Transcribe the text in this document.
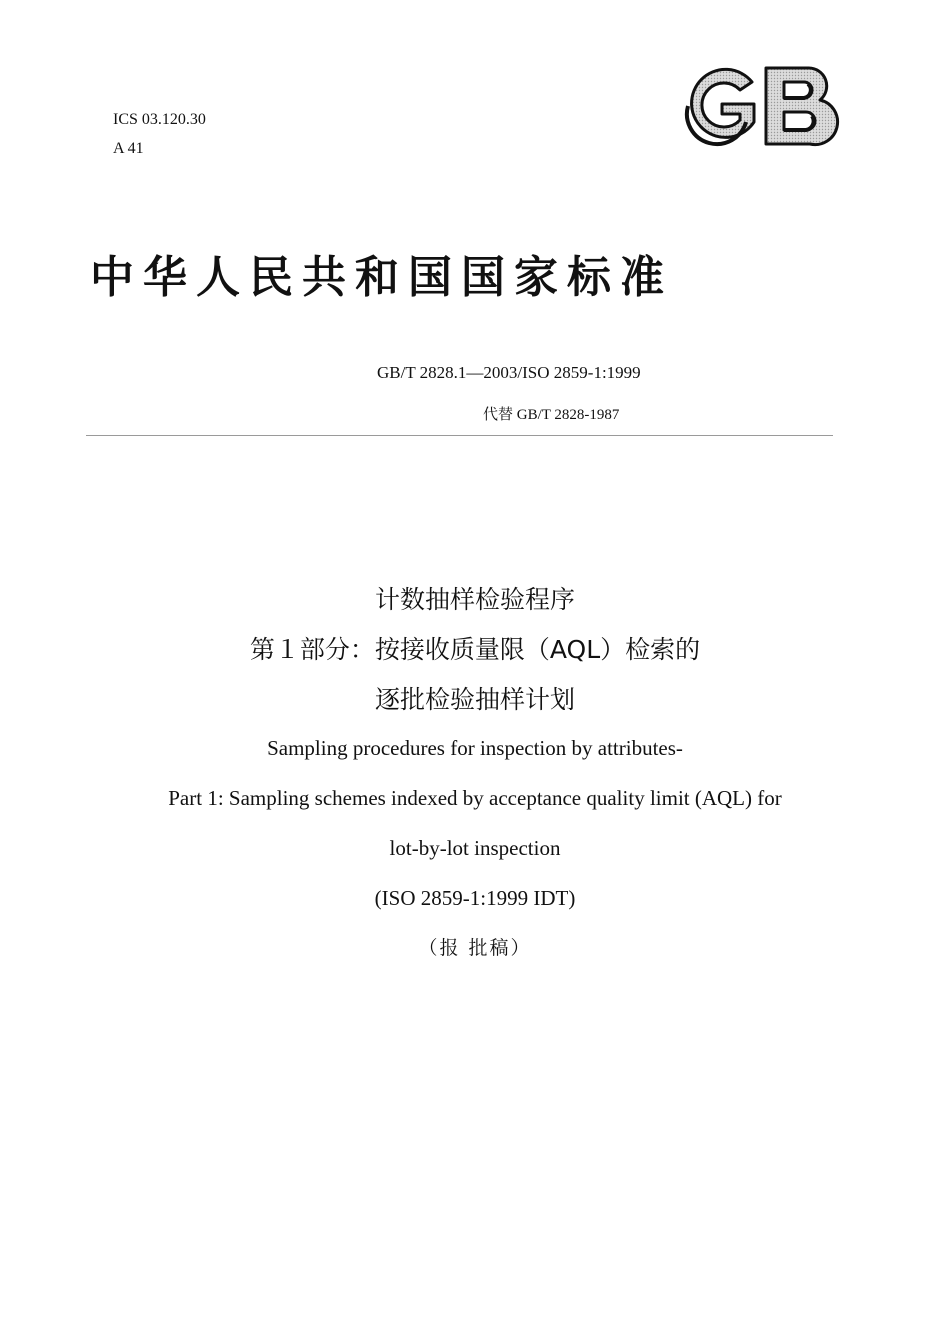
ICS 03.120.30
A 41
中华人民共和国国家标准
GB/T 2828.1—2003/ISO 2859-1:1999
代替 GB/T 2828-1987
计数抽样检验程序
第１部分：按接收质量限（AQL）检索的
逐批检验抽样计划
Sampling procedures for inspection by attributes-
Part 1: Sampling schemes indexed by acceptance quality limit (AQL) for
lot-by-lot inspection
(ISO 2859-1:1999 IDT)
（报 批稿）
